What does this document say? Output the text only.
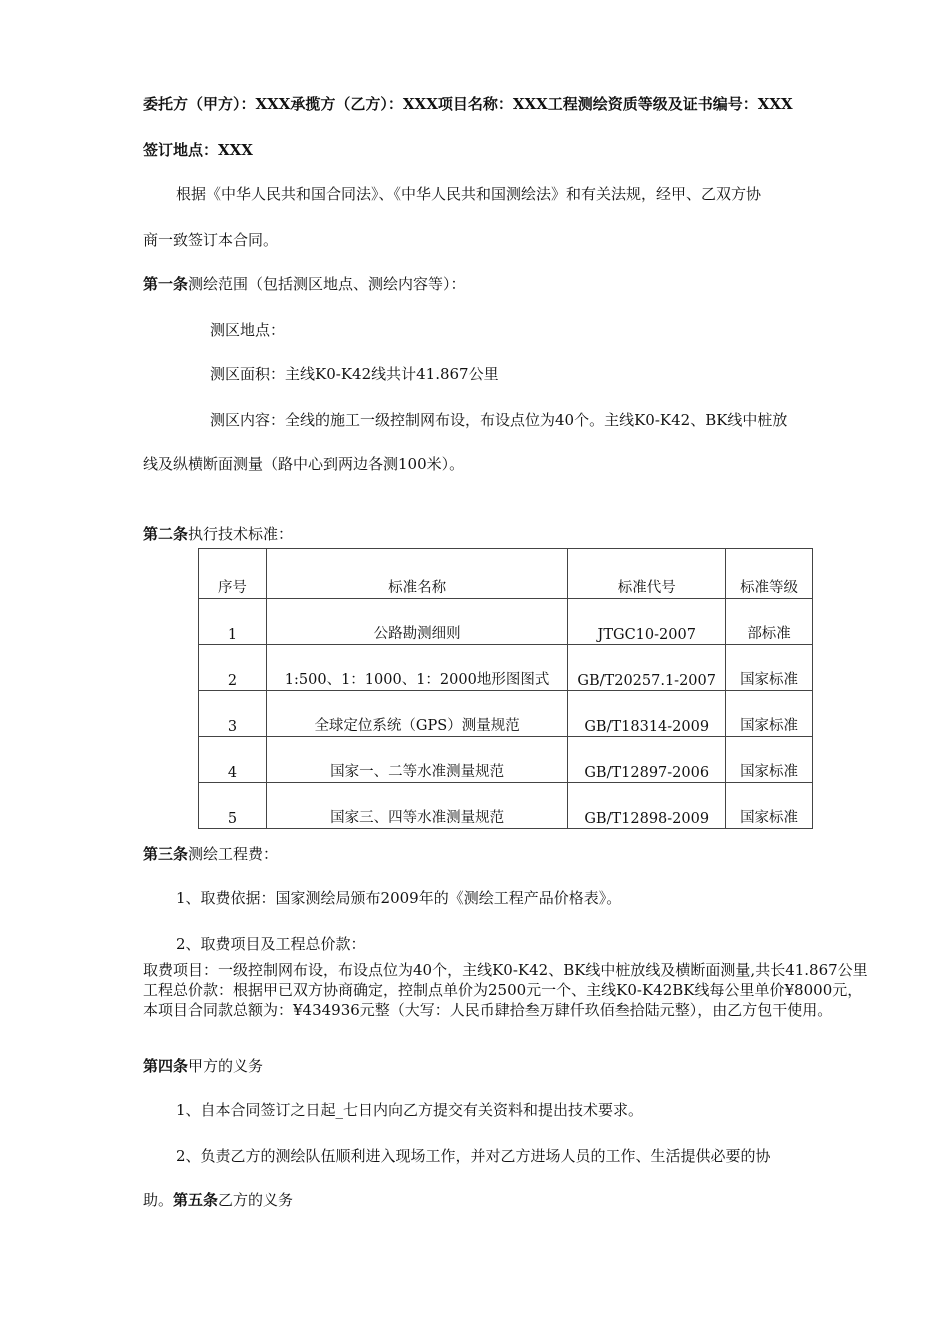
委托方（甲方）：XXX承揽方（乙方）：XXX项目名称：XXX工程测绘资质等级及证书编号：XXX
签订地点：XXX
根据《中华人民共和国合同法》、《中华人民共和国测绘法》和有关法规，经甲、乙双方协
商一致签订本合同。
第一条测绘范围（包括测区地点、测绘内容等）：
测区地点：
测区面积：主线K0-K42线共计41.867公里
测区内容：全线的施工一级控制网布设，布设点位为40个。主线K0-K42、BK线中桩放
线及纵横断面测量（路中心到两边各测100米）。
第二条执行技术标准：
序号	标准名称	标准代号	标准等级
1	公路勘测细则	JTGC10-2007	部标准
2	1:500、1：1000、1：2000地形图图式	GB/T20257.1-2007	国家标准
3	全球定位系统（GPS）测量规范	GB/T18314-2009	国家标准
4	国家一、二等水准测量规范	GB/T12897-2006	国家标准
5	国家三、四等水准测量规范	GB/T12898-2009	国家标准
第三条测绘工程费：
1、取费依据：国家测绘局颁布2009年的《测绘工程产品价格表》。
2、取费项目及工程总价款：
取费项目：一级控制网布设，布设点位为40个，主线K0-K42、BK线中桩放线及横断面测量,共长41.867公里工程总价款：根据甲已双方协商确定，控制点单价为2500元一个、主线K0-K42BK线每公里单价¥8000元，本项目合同款总额为：¥434936元整（大写：人民币肆拾叁万肆仟玖佰叁拾陆元整），由乙方包干使用。
第四条甲方的义务
1、自本合同签订之日起_七日内向乙方提交有关资料和提出技术要求。
2、负责乙方的测绘队伍顺利进入现场工作，并对乙方进场人员的工作、生活提供必要的协
助。第五条乙方的义务
